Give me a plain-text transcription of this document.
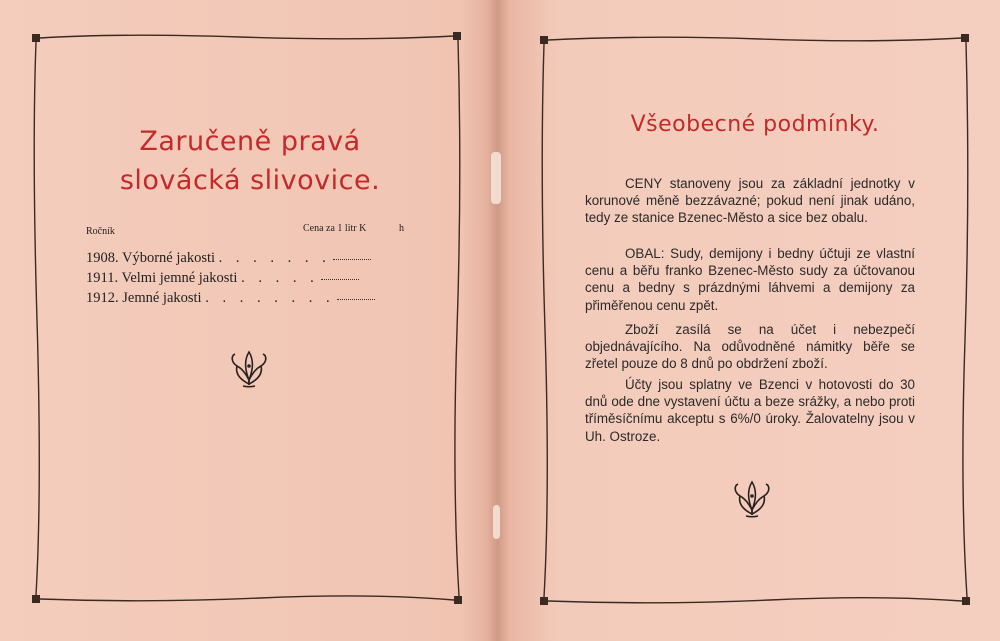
Zaručeně pravá
slovácká slivovice.
Ročník	Cena za 1 litr K	h
1908. Výborné jakosti . . . . . . .
1911. Velmi jemné jakosti . . . . .
1912. Jemné jakosti . . . . . . . .
Všeobecné podmínky.
CENY stanoveny jsou za základní jednotky v korunové měně bezzávazné; pokud není jinak udáno, tedy ze stanice Bzenec-Město a sice bez obalu.
OBAL: Sudy, demijony i bedny účtuji ze vlastní cenu a běřu franko Bzenec-Město sudy za účtovanou cenu a bedny s prázdnými láhvemi a demijony za přiměřenou cenu zpět.
Zboží zasílá se na účet i nebezpečí objednávajícího. Na odůvodněné námitky běře se zřetel pouze do 8 dnů po obdržení zboží.
Účty jsou splatny ve Bzenci v hotovosti do 30 dnů ode dne vystavení účtu a beze srážky, a nebo proti tříměsíčnímu akceptu s 6%/0 úroky. Žalovatelny jsou v Uh. Ostroze.
